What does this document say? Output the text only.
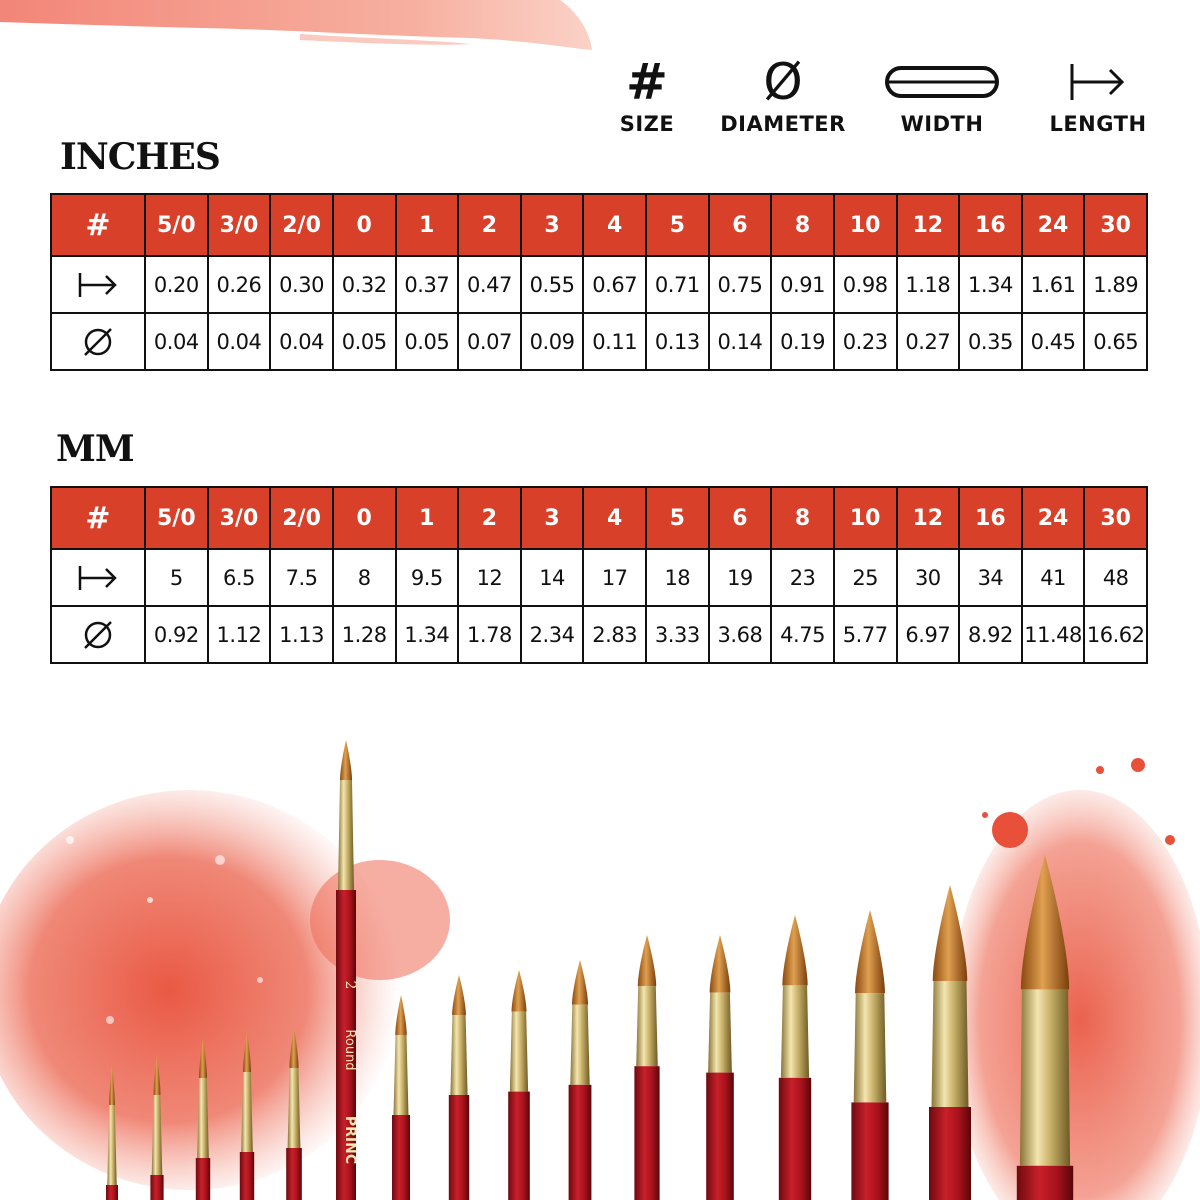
#
SIZE
Ø
DIAMETER	WIDTH	LENGTH
INCHES
#	5/0	3/0	2/0	0	1	2	3	4	5	6	8	10	12	16	24	30

	0.20	0.26	0.30	0.32	0.37	0.47	0.55	0.67	0.71	0.75	0.91	0.98	1.18	1.34	1.61	1.89

	0.04	0.04	0.04	0.05	0.05	0.07	0.09	0.11	0.13	0.14	0.19	0.23	0.27	0.35	0.45	0.65
MM
#	5/0	3/0	2/0	0	1	2	3	4	5	6	8	10	12	16	24	30

	5	6.5	7.5	8	9.5	12	14	17	18	19	23	25	30	34	41	48

	0.92	1.12	1.13	1.28	1.34	1.78	2.34	2.83	3.33	3.68	4.75	5.77	6.97	8.92	11.48	16.62
2
Round
PRINC
